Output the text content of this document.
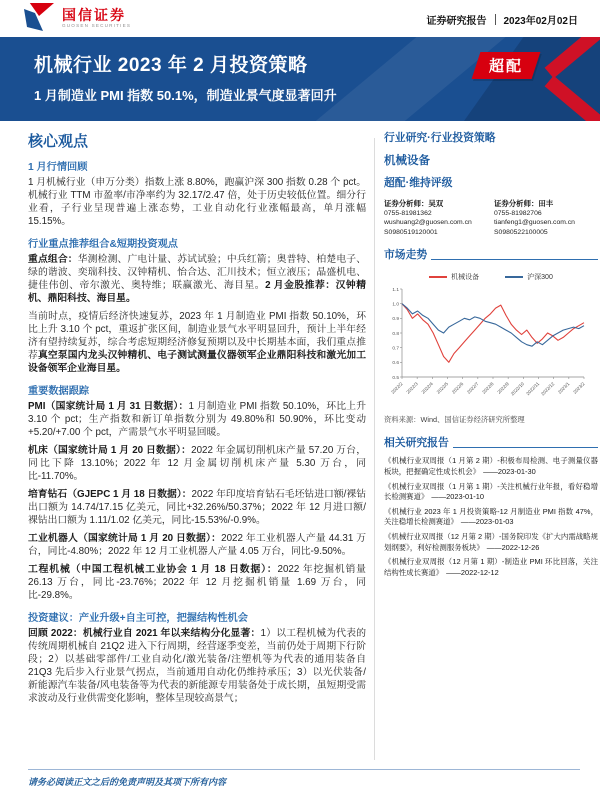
国信证券
GUOSEN SECURITIES	证券研究报告 2023年02月02日
机械行业 2023 年 2 月投资策略
1 月制造业 PMI 指数 50.1%，制造业景气度显著回升
超配
核心观点
1 月行情回顾
1 月机械行业（申万分类）指数上涨 8.80%，跑赢沪深 300 指数 0.28 个 pct。机械行业 TTM 市盈率/市净率约为 32.17/2.47 倍，处于历史较低位置。细分行业看，子行业呈现普遍上涨态势，工业自动化行业涨幅最高，单月涨幅 15.15%。
行业重点推荐组合&短期投资观点
重点组合：华测检测、广电计量、苏试试验；中兵红箭；奥普特、柏楚电子、绿的谐波、奕瑞科技、汉钟精机、怡合达、汇川技术；恒立液压；晶盛机电、捷佳伟创、帝尔激光、奥特维；联赢激光、海目星。2 月金股推荐：汉钟精机、鼎阳科技、海目星。
当前时点，疫情后经济快速复苏，2023 年 1 月制造业 PMI 指数 50.10%，环比上升 3.10 个 pct，重返扩张区间，制造业景气水平明显回升，预计上半年经济有望持续复苏，综合考虑短期经济修复预期以及中长期基本面，我们重点推荐真空泵国内龙头汉钟精机、电子测试测量仪器领军企业鼎阳科技和激光加工设备领军企业海目星。
重要数据跟踪
PMI（国家统计局 1 月 31 日数据）：1 月制造业 PMI 指数 50.10%，环比上升 3.10 个 pct；生产指数和新订单指数分别为 49.80%和 50.90%，环比变动+5.20/+7.00 个 pct，产需景气水平明显回暖。
机床（国家统计局 1 月 20 日数据）：2022 年金属切削机床产量 57.20 万台，同比下降 13.10%；2022 年 12 月金属切削机床产量 5.30 万台，同比-11.70%。
培育钻石（GJEPC 1 月 18 日数据）：2022 年印度培育钻石毛坯钻进口额/裸钻出口额为 14.74/17.15 亿美元，同比+32.26%/50.37%；2022 年 12 月进口额/裸钻出口额为 1.11/1.02 亿美元，同比-15.53%/-0.9%。
工业机器人（国家统计局 1 月 20 日数据）：2022 年工业机器人产量 44.31 万台，同比-4.80%；2022 年 12 月工业机器人产量 4.05 万台，同比-9.50%。
工程机械（中国工程机械工业协会 1 月 18 日数据）：2022 年挖掘机销量 26.13 万台，同比-23.76%；2022 年 12 月挖掘机销量 1.69 万台，同比-29.8%。
投资建议：产业升级+自主可控，把握结构性机会
回顾 2022：机械行业自 2021 年以来结构分化显著：1）以工程机械为代表的传统周期机械自 21Q2 进入下行周期，经营逐季变差，当前仍处于周期下行阶段；2）以基础零部件/工业自动化/激光装备/注塑机等为代表的通用装备自 21Q3 先后步入行业景气拐点，当前通用自动化仍维持承压；3）以光伏装备/新能源汽车装备/风电装备等为代表的新能源专用装备处于成长期，虽短期受需求波动及行业供需变化影响，整体呈现较高景气；
行业研究·行业投资策略
机械设备
超配·维持评级
证券分析师：吴双
0755-81981362
wushuang2@guosen.com.cn
S0980519120001
证券分析师：田丰
0755-81982706
tianfeng1@guosen.com.cn
S0980522100005
市场走势
机械设备	沪深300
1.1
1.0
0.9
0.8
0.7
0.6
0.5
2022/2 2022/3 2022/4 2022/5 2022/6 2022/7 2022/8 2022/9 2022/10 2022/11 2022/12 2023/1 2023/2
资料来源：Wind、国信证券经济研究所整理
相关研究报告
《机械行业双周报（1 月第 2 期）-积极布局检测、电子测量仪器板块，把握确定性成长机会》 ——2023-01-30
《机械行业双周报（1 月第 1 期）-关注机械行业年报，看好稳增长检测赛道》 ——2023-01-10
《机械行业 2023 年 1 月投资策略-12 月制造业 PMI 指数 47%，关注稳增长检测赛道》 ——2023-01-03
《机械行业双周报（12 月第 2 期）-国务院印发《扩大内需战略规划纲要》，利好检测服务板块》 ——2022-12-26
《机械行业双周报（12 月第 1 期）-制造业 PMI 环比回落，关注结构性成长赛道》 ——2022-12-12
请务必阅读正文之后的免责声明及其项下所有内容
